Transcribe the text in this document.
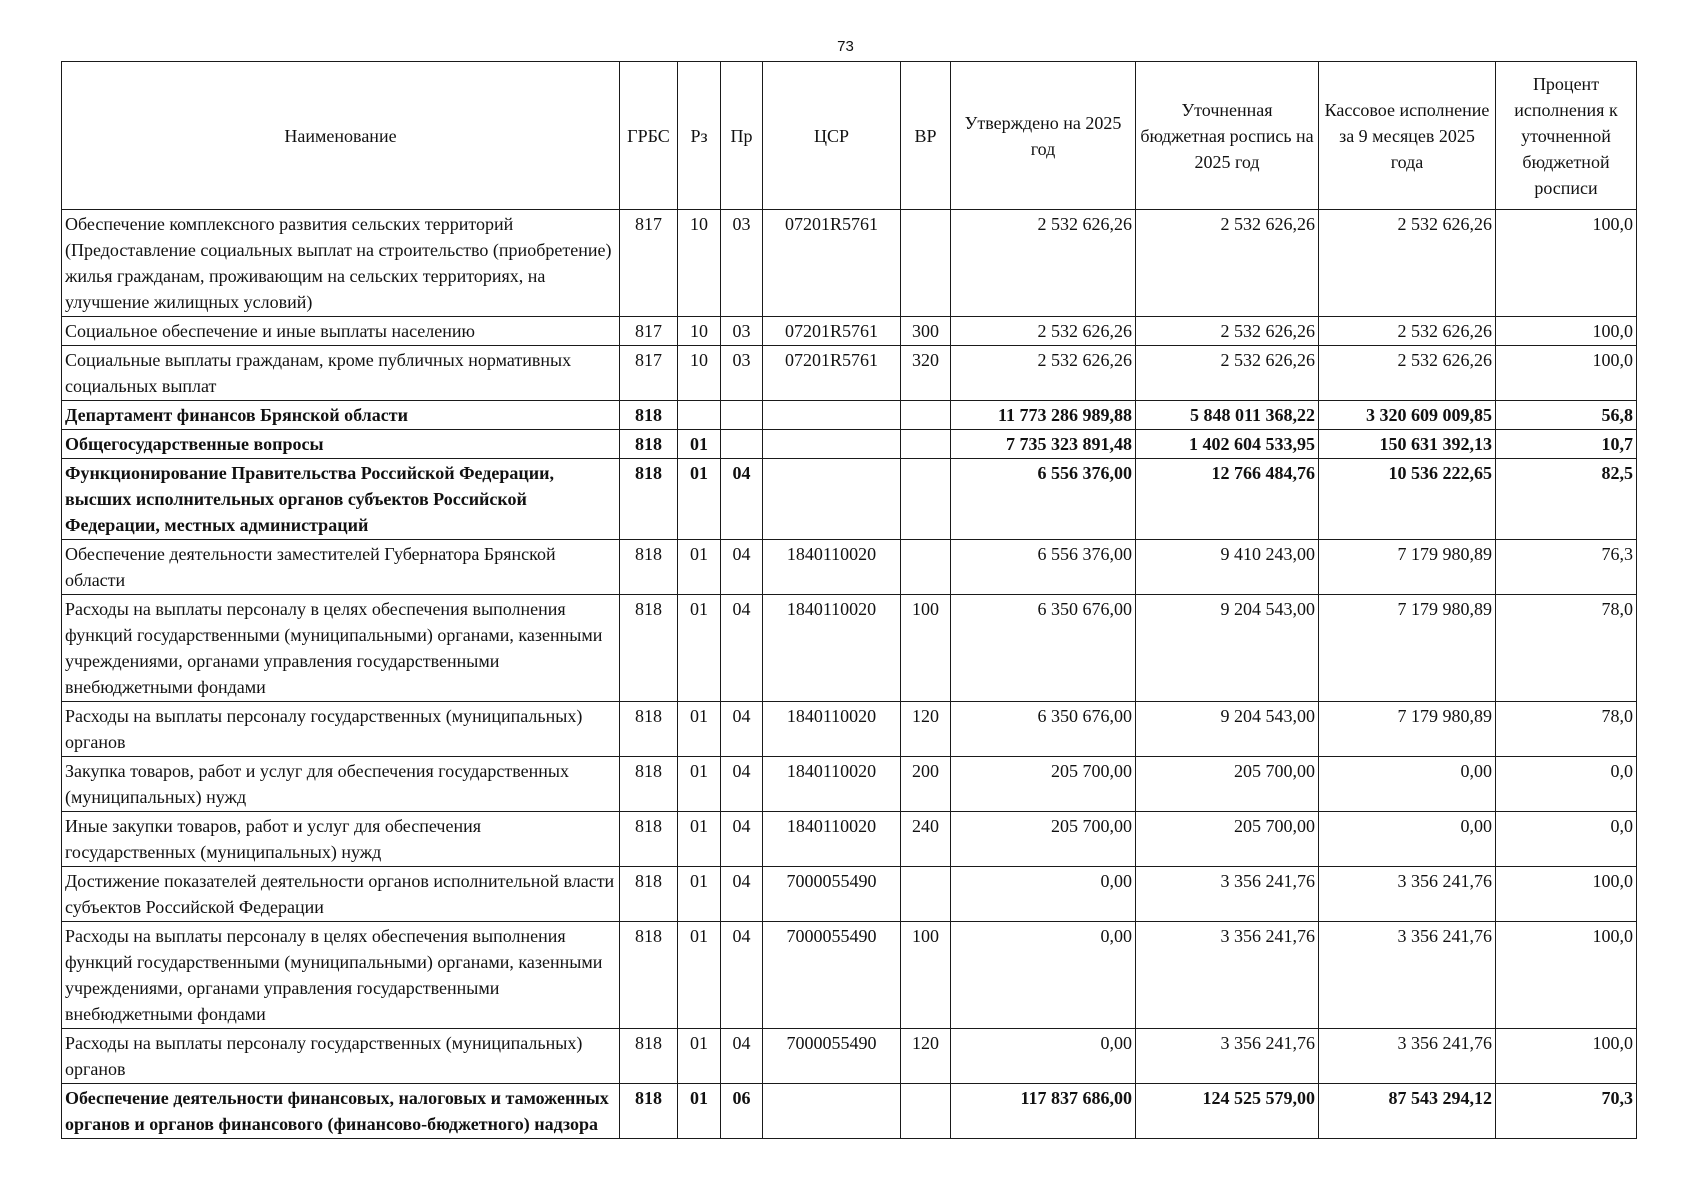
73
Наименование	ГРБС	Рз	Пр	ЦСР	ВР	Утверждено на 2025 год	Уточненная бюджетная роспись на 2025 год	Кассовое исполнение за 9 месяцев 2025 года	Процент исполнения к уточненной бюджетной росписи
Обеспечение комплексного развития сельских территорий (Предоставление социальных выплат на строительство (приобретение) жилья гражданам, проживающим на сельских территориях, на улучшение жилищных условий)	817	10	03	07201R5761		2 532 626,26	2 532 626,26	2 532 626,26	100,0
Социальное обеспечение и иные выплаты населению	817	10	03	07201R5761	300	2 532 626,26	2 532 626,26	2 532 626,26	100,0
Социальные выплаты гражданам, кроме публичных нормативных социальных выплат	817	10	03	07201R5761	320	2 532 626,26	2 532 626,26	2 532 626,26	100,0
Департамент финансов Брянской области	818					11 773 286 989,88	5 848 011 368,22	3 320 609 009,85	56,8
Общегосударственные вопросы	818	01				7 735 323 891,48	1 402 604 533,95	150 631 392,13	10,7
Функционирование Правительства Российской Федерации, высших исполнительных органов субъектов Российской Федерации, местных администраций	818	01	04			6 556 376,00	12 766 484,76	10 536 222,65	82,5
Обеспечение деятельности заместителей Губернатора Брянской области	818	01	04	1840110020		6 556 376,00	9 410 243,00	7 179 980,89	76,3
Расходы на выплаты персоналу в целях обеспечения выполнения функций государственными (муниципальными) органами, казенными учреждениями, органами управления государственными внебюджетными фондами	818	01	04	1840110020	100	6 350 676,00	9 204 543,00	7 179 980,89	78,0
Расходы на выплаты персоналу государственных (муниципальных) органов	818	01	04	1840110020	120	6 350 676,00	9 204 543,00	7 179 980,89	78,0
Закупка товаров, работ и услуг для обеспечения государственных (муниципальных) нужд	818	01	04	1840110020	200	205 700,00	205 700,00	0,00	0,0
Иные закупки товаров, работ и услуг для обеспечения государственных (муниципальных) нужд	818	01	04	1840110020	240	205 700,00	205 700,00	0,00	0,0
Достижение показателей деятельности органов исполнительной власти субъектов Российской Федерации	818	01	04	7000055490		0,00	3 356 241,76	3 356 241,76	100,0
Расходы на выплаты персоналу в целях обеспечения выполнения функций государственными (муниципальными) органами, казенными учреждениями, органами управления государственными внебюджетными фондами	818	01	04	7000055490	100	0,00	3 356 241,76	3 356 241,76	100,0
Расходы на выплаты персоналу государственных (муниципальных) органов	818	01	04	7000055490	120	0,00	3 356 241,76	3 356 241,76	100,0
Обеспечение деятельности финансовых, налоговых и таможенных органов и органов финансового (финансово-бюджетного) надзора	818	01	06			117 837 686,00	124 525 579,00	87 543 294,12	70,3
